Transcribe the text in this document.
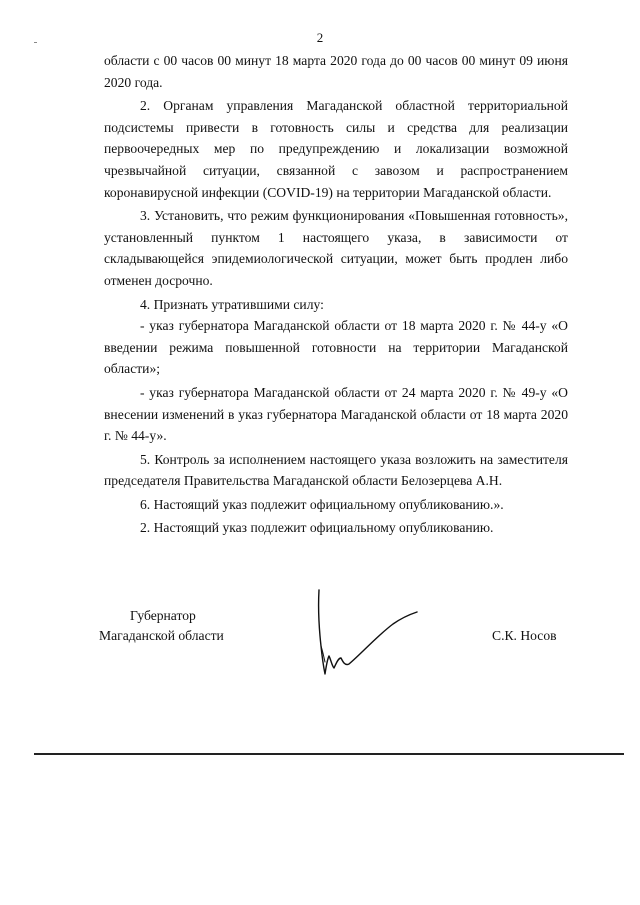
2

области с 00 часов 00 минут 18 марта 2020 года до 00 часов 00 минут 09 июня 2020 года.

2. Органам управления Магаданской областной территориальной подсистемы привести в готовность силы и средства для реализации первоочередных мер по предупреждению и локализации возможной чрезвычайной ситуации, связанной с завозом и распространением коронавирусной инфекции (COVID-19) на территории Магаданской области.

3. Установить, что режим функционирования «Повышенная готовность», установленный пунктом 1 настоящего указа, в зависимости от складывающейся эпидемиологической ситуации, может быть продлен либо отменен досрочно.

4. Признать утратившими силу:

- указ губернатора Магаданской области от 18 марта 2020 г. № 44-у «О введении режима повышенной готовности на территории Магаданской области»;

- указ губернатора Магаданской области от 24 марта 2020 г. № 49-у «О внесении изменений в указ губернатора Магаданской области от 18 марта 2020 г. № 44-у».

5. Контроль за исполнением настоящего указа возложить на заместителя председателя Правительства Магаданской области Белозерцева А.Н.

6. Настоящий указ подлежит официальному опубликованию.».

2. Настоящий указ подлежит официальному опубликованию.

Губернатор
Магаданской области	С.К. Носов
